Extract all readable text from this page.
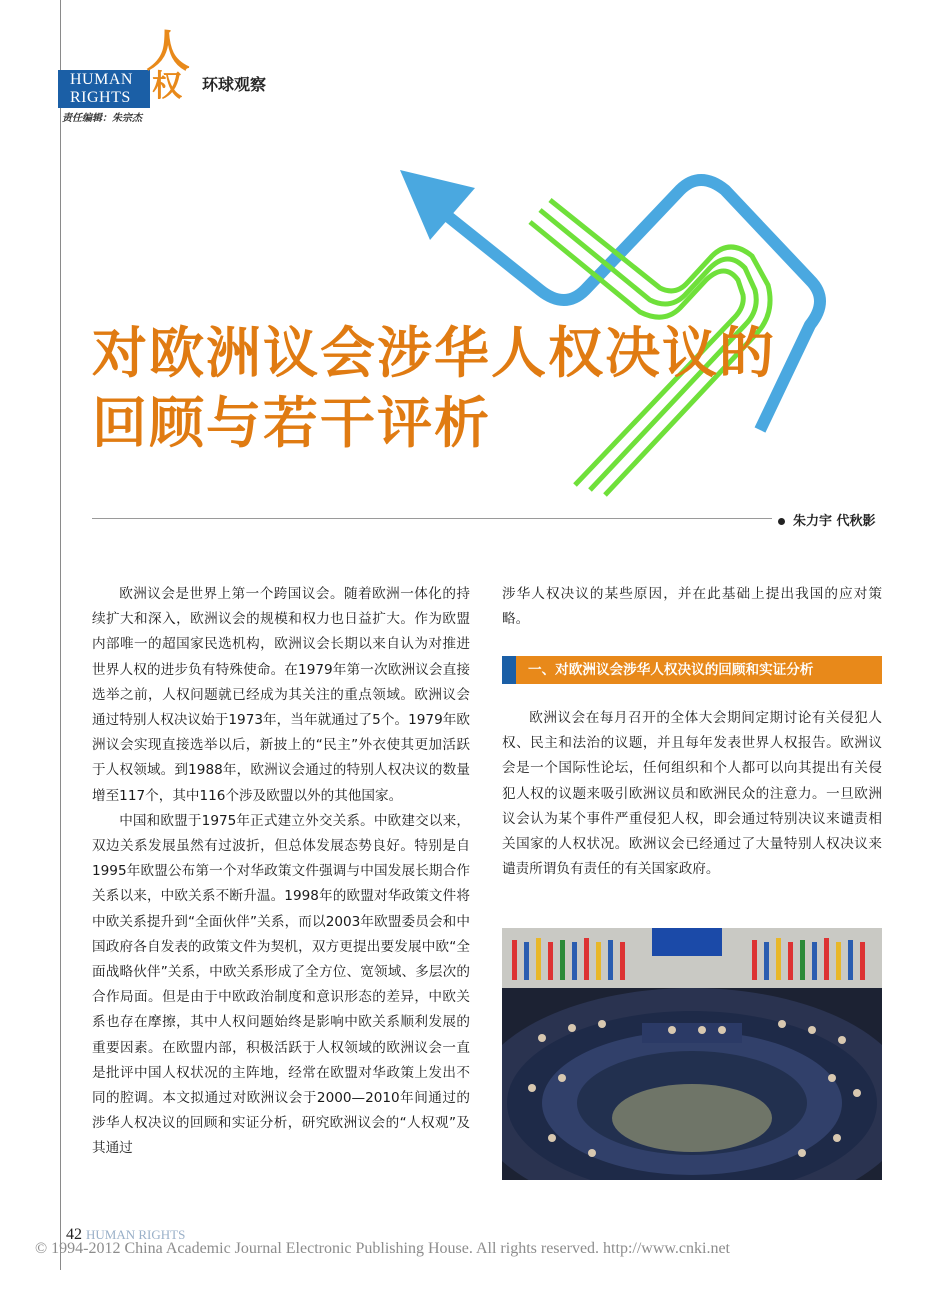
HUMAN
RIGHTS
人
权 环球观察
责任编辑：朱宗杰
对欧洲议会涉华人权决议的
回顾与若干评析
朱力宇 代秋影

欧洲议会是世界上第一个跨国议会。随着欧洲一体化的持续扩大和深入，欧洲议会的规模和权力也日益扩大。作为欧盟内部唯一的超国家民选机构，欧洲议会长期以来自认为对推进世界人权的进步负有特殊使命。在1979年第一次欧洲议会直接选举之前，人权问题就已经成为其关注的重点领域。欧洲议会通过特别人权决议始于1973年，当年就通过了5个。1979年欧洲议会实现直接选举以后，新披上的“民主”外衣使其更加活跃于人权领域。到1988年，欧洲议会通过的特别人权决议的数量增至117个，其中116个涉及欧盟以外的其他国家。

中国和欧盟于1975年正式建立外交关系。中欧建交以来，双边关系发展虽然有过波折，但总体发展态势良好。特别是自1995年欧盟公布第一个对华政策文件强调与中国发展长期合作关系以来，中欧关系不断升温。1998年的欧盟对华政策文件将中欧关系提升到“全面伙伴”关系，而以2003年欧盟委员会和中国政府各自发表的政策文件为契机，双方更提出要发展中欧“全面战略伙伴”关系，中欧关系形成了全方位、宽领域、多层次的合作局面。但是由于中欧政治制度和意识形态的差异，中欧关系也存在摩擦，其中人权问题始终是影响中欧关系顺利发展的重要因素。在欧盟内部，积极活跃于人权领域的欧洲议会一直是批评中国人权状况的主阵地，经常在欧盟对华政策上发出不同的腔调。本文拟通过对欧洲议会于2000—2010年间通过的涉华人权决议的回顾和实证分析，研究欧洲议会的“人权观”及其通过

涉华人权决议的某些原因，并在此基础上提出我国的应对策略。

一、对欧洲议会涉华人权决议的回顾和实证分析

欧洲议会在每月召开的全体大会期间定期讨论有关侵犯人权、民主和法治的议题，并且每年发表世界人权报告。欧洲议会是一个国际性论坛，任何组织和个人都可以向其提出有关侵犯人权的议题来吸引欧洲议员和欧洲民众的注意力。一旦欧洲议会认为某个事件严重侵犯人权，即会通过特别决议来谴责相关国家的人权状况。欧洲议会已经通过了大量特别人权决议来谴责所谓负有责任的有关国家政府。

42 HUMAN RIGHTS
© 1994-2012 China Academic Journal Electronic Publishing House. All rights reserved. http://www.cnki.net
